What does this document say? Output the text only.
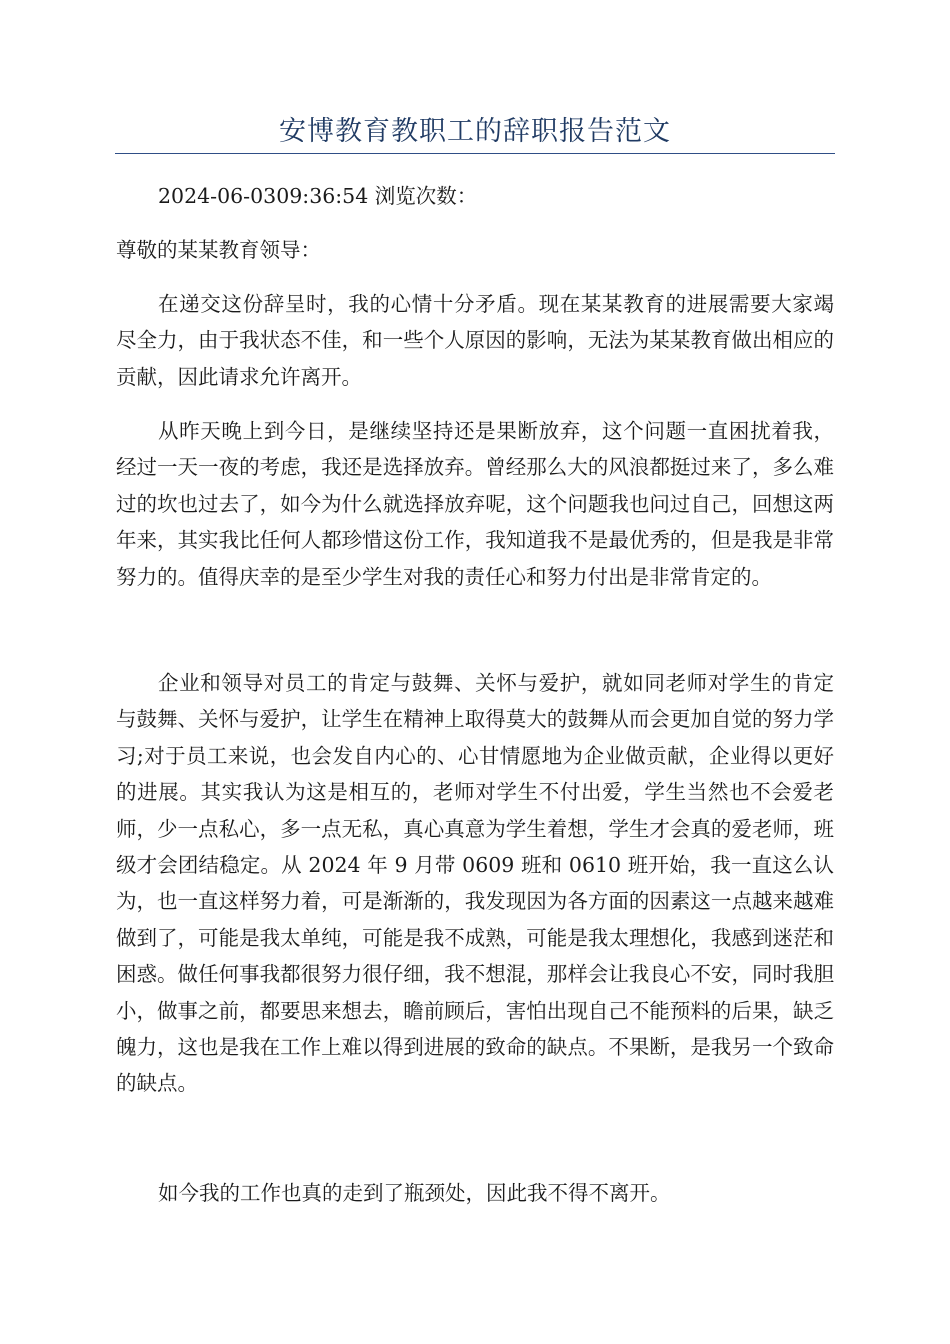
安博教育教职工的辞职报告范文

2024-06-0309:36:54 浏览次数：

尊敬的某某教育领导：

在递交这份辞呈时，我的心情十分矛盾。现在某某教育的进展需要大家竭尽全力，由于我状态不佳，和一些个人原因的影响，无法为某某教育做出相应的贡献，因此请求允许离开。

从昨天晚上到今日，是继续坚持还是果断放弃，这个问题一直困扰着我，经过一天一夜的考虑，我还是选择放弃。曾经那么大的风浪都挺过来了，多么难过的坎也过去了，如今为什么就选择放弃呢，这个问题我也问过自己，回想这两年来，其实我比任何人都珍惜这份工作，我知道我不是最优秀的，但是我是非常努力的。值得庆幸的是至少学生对我的责任心和努力付出是非常肯定的。

企业和领导对员工的肯定与鼓舞、关怀与爱护，就如同老师对学生的肯定与鼓舞、关怀与爱护，让学生在精神上取得莫大的鼓舞从而会更加自觉的努力学习;对于员工来说，也会发自内心的、心甘情愿地为企业做贡献，企业得以更好的进展。其实我认为这是相互的，老师对学生不付出爱，学生当然也不会爱老师，少一点私心，多一点无私，真心真意为学生着想，学生才会真的爱老师，班级才会团结稳定。从 2024 年 9 月带 0609 班和 0610 班开始，我一直这么认为，也一直这样努力着，可是渐渐的，我发现因为各方面的因素这一点越来越难做到了，可能是我太单纯，可能是我不成熟，可能是我太理想化，我感到迷茫和困惑。做任何事我都很努力很仔细，我不想混，那样会让我良心不安，同时我胆小，做事之前，都要思来想去，瞻前顾后，害怕出现自己不能预料的后果，缺乏魄力，这也是我在工作上难以得到进展的致命的缺点。不果断，是我另一个致命的缺点。

如今我的工作也真的走到了瓶颈处，因此我不得不离开。
